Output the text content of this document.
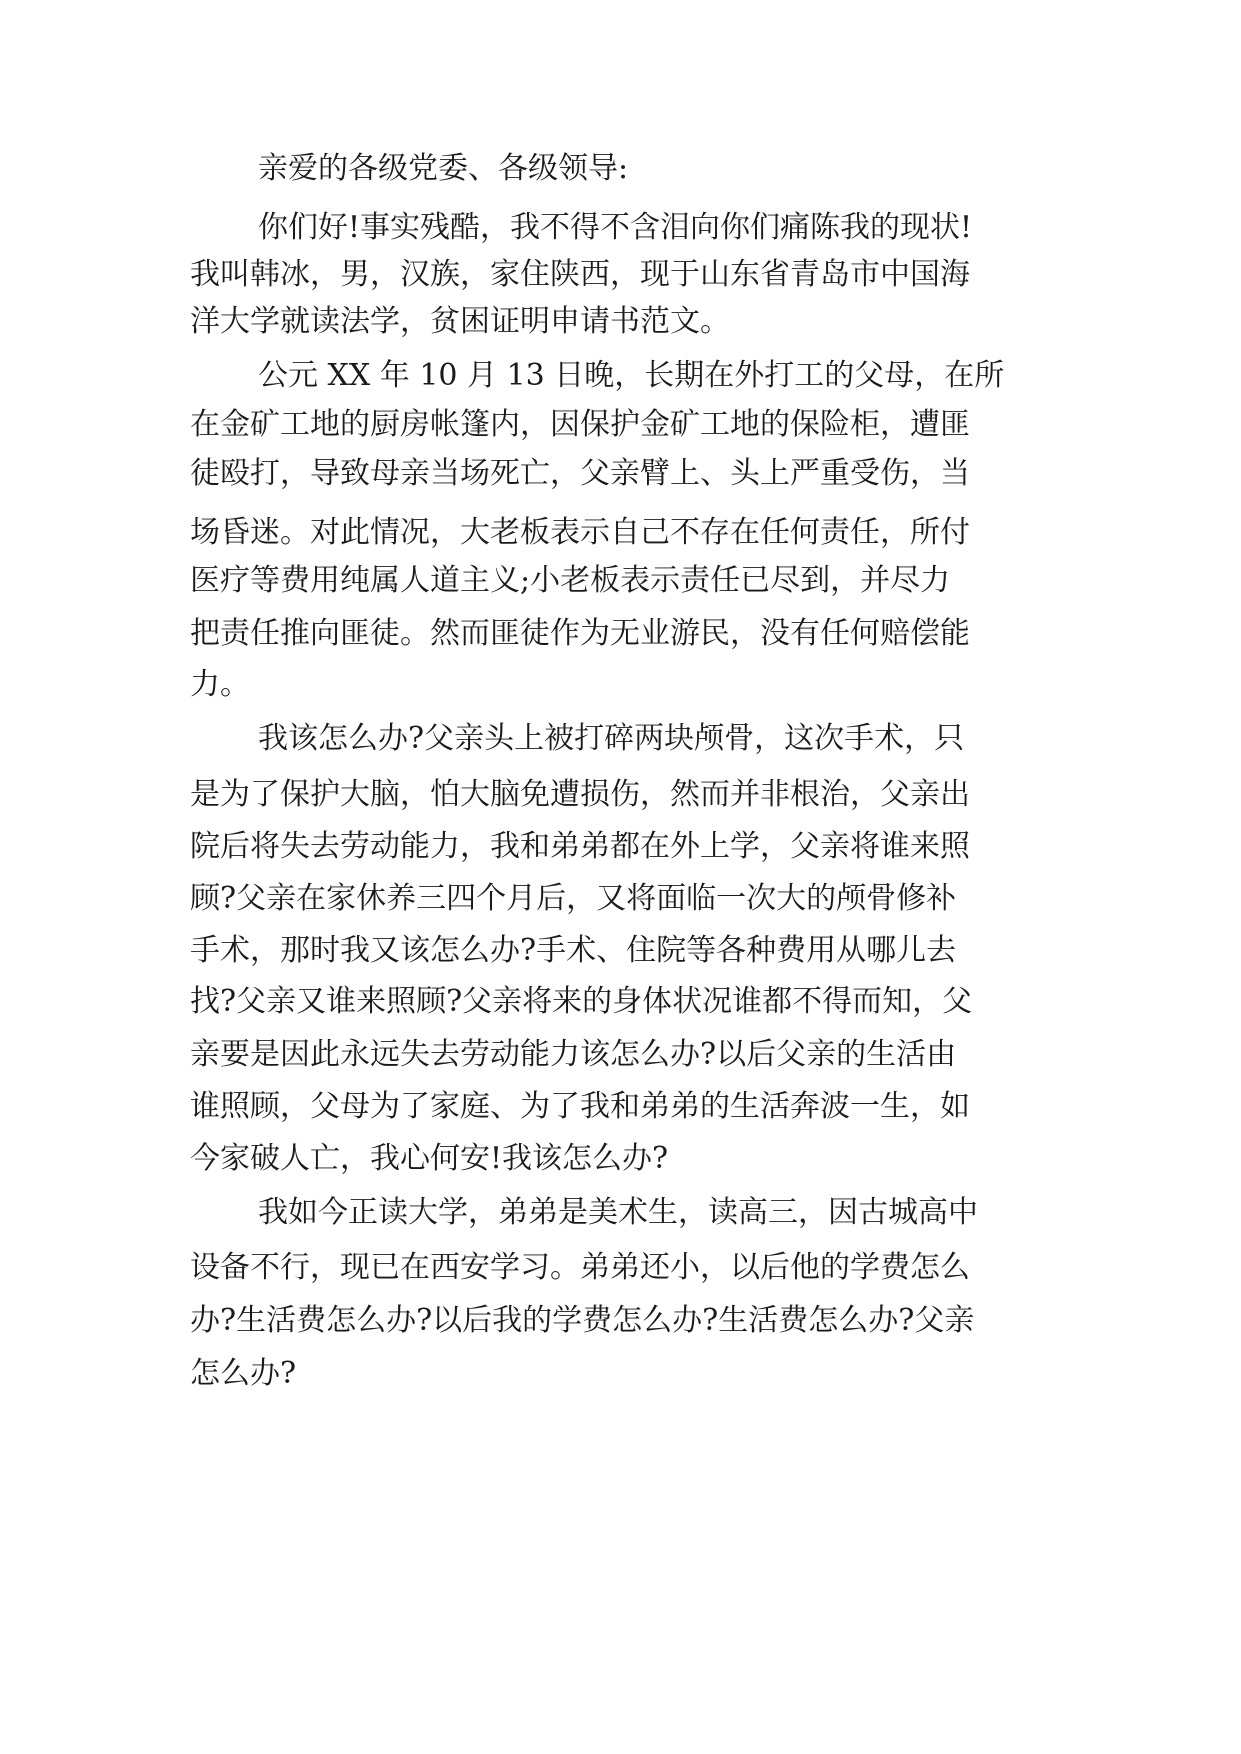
亲爱的各级党委、各级领导:
你们好!事实残酷，我不得不含泪向你们痛陈我的现状!
我叫韩冰，男，汉族，家住陕西，现于山东省青岛市中国海
洋大学就读法学，贫困证明申请书范文。
公元 XX 年 10 月 13 日晚，长期在外打工的父母，在所
在金矿工地的厨房帐篷内，因保护金矿工地的保险柜，遭匪
徒殴打，导致母亲当场死亡，父亲臂上、头上严重受伤，当
场昏迷。对此情况，大老板表示自己不存在任何责任，所付
医疗等费用纯属人道主义;小老板表示责任已尽到，并尽力
把责任推向匪徒。然而匪徒作为无业游民，没有任何赔偿能
力。
我该怎么办?父亲头上被打碎两块颅骨，这次手术，只
是为了保护大脑，怕大脑免遭损伤，然而并非根治，父亲出
院后将失去劳动能力，我和弟弟都在外上学，父亲将谁来照
顾?父亲在家休养三四个月后，又将面临一次大的颅骨修补
手术，那时我又该怎么办?手术、住院等各种费用从哪儿去
找?父亲又谁来照顾?父亲将来的身体状况谁都不得而知，父
亲要是因此永远失去劳动能力该怎么办?以后父亲的生活由
谁照顾，父母为了家庭、为了我和弟弟的生活奔波一生，如
今家破人亡，我心何安!我该怎么办?
我如今正读大学，弟弟是美术生，读高三，因古城高中
设备不行，现已在西安学习。弟弟还小，以后他的学费怎么
办?生活费怎么办?以后我的学费怎么办?生活费怎么办?父亲
怎么办?
